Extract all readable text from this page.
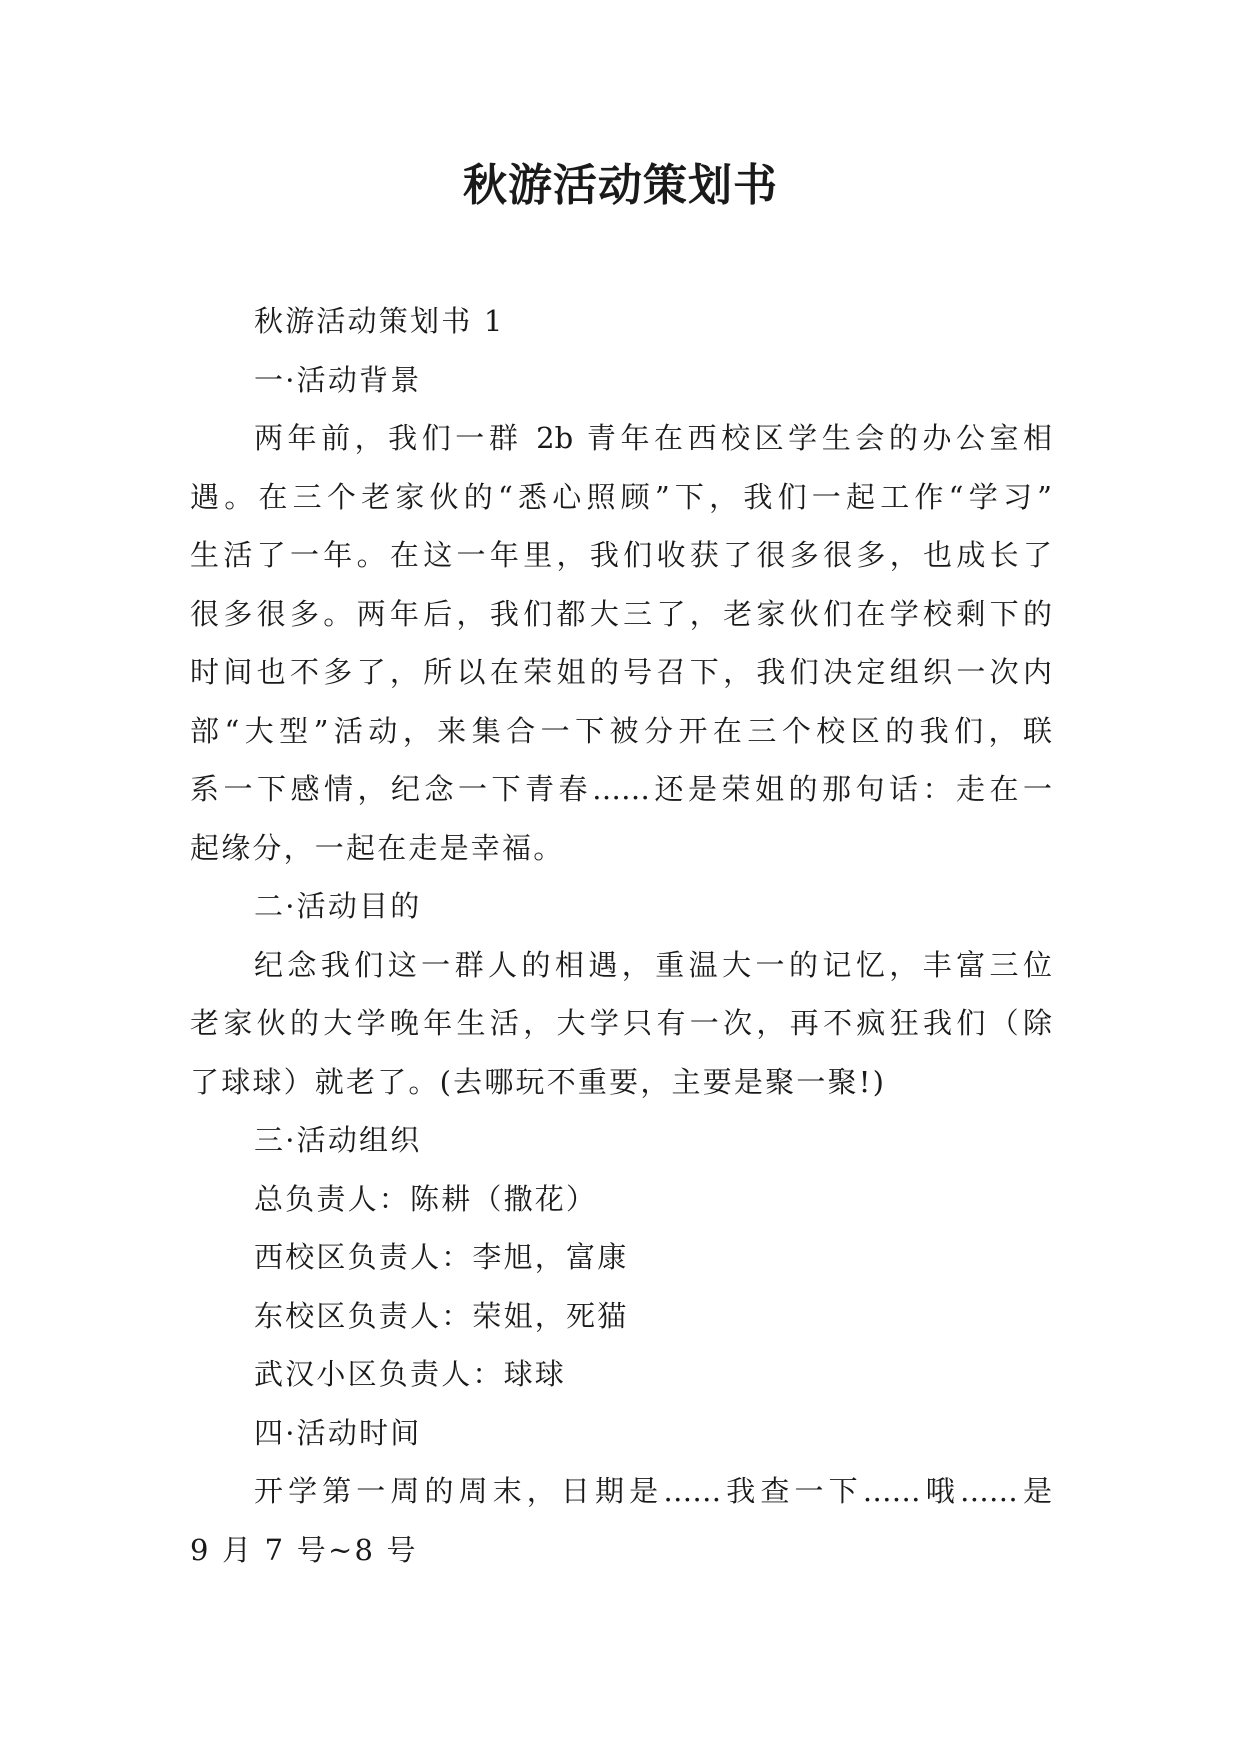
秋游活动策划书
秋游活动策划书 1
一·活动背景
两年前，我们一群 2b 青年在西校区学生会的办公室相
遇。在三个老家伙的“悉心照顾”下，我们一起工作“学习”
生活了一年。在这一年里，我们收获了很多很多，也成长了
很多很多。两年后，我们都大三了，老家伙们在学校剩下的
时间也不多了，所以在荣姐的号召下，我们决定组织一次内
部“大型”活动，来集合一下被分开在三个校区的我们，联
系一下感情，纪念一下青春……还是荣姐的那句话：走在一
起缘分，一起在走是幸福。
二·活动目的
纪念我们这一群人的相遇，重温大一的记忆，丰富三位
老家伙的大学晚年生活，大学只有一次，再不疯狂我们（除
了球球）就老了。(去哪玩不重要，主要是聚一聚!)
三·活动组织
总负责人：陈耕（撒花）
西校区负责人：李旭，富康
东校区负责人：荣姐，死猫
武汉小区负责人：球球
四·活动时间
开学第一周的周末，日期是……我查一下……哦……是
9 月 7 号~8 号
